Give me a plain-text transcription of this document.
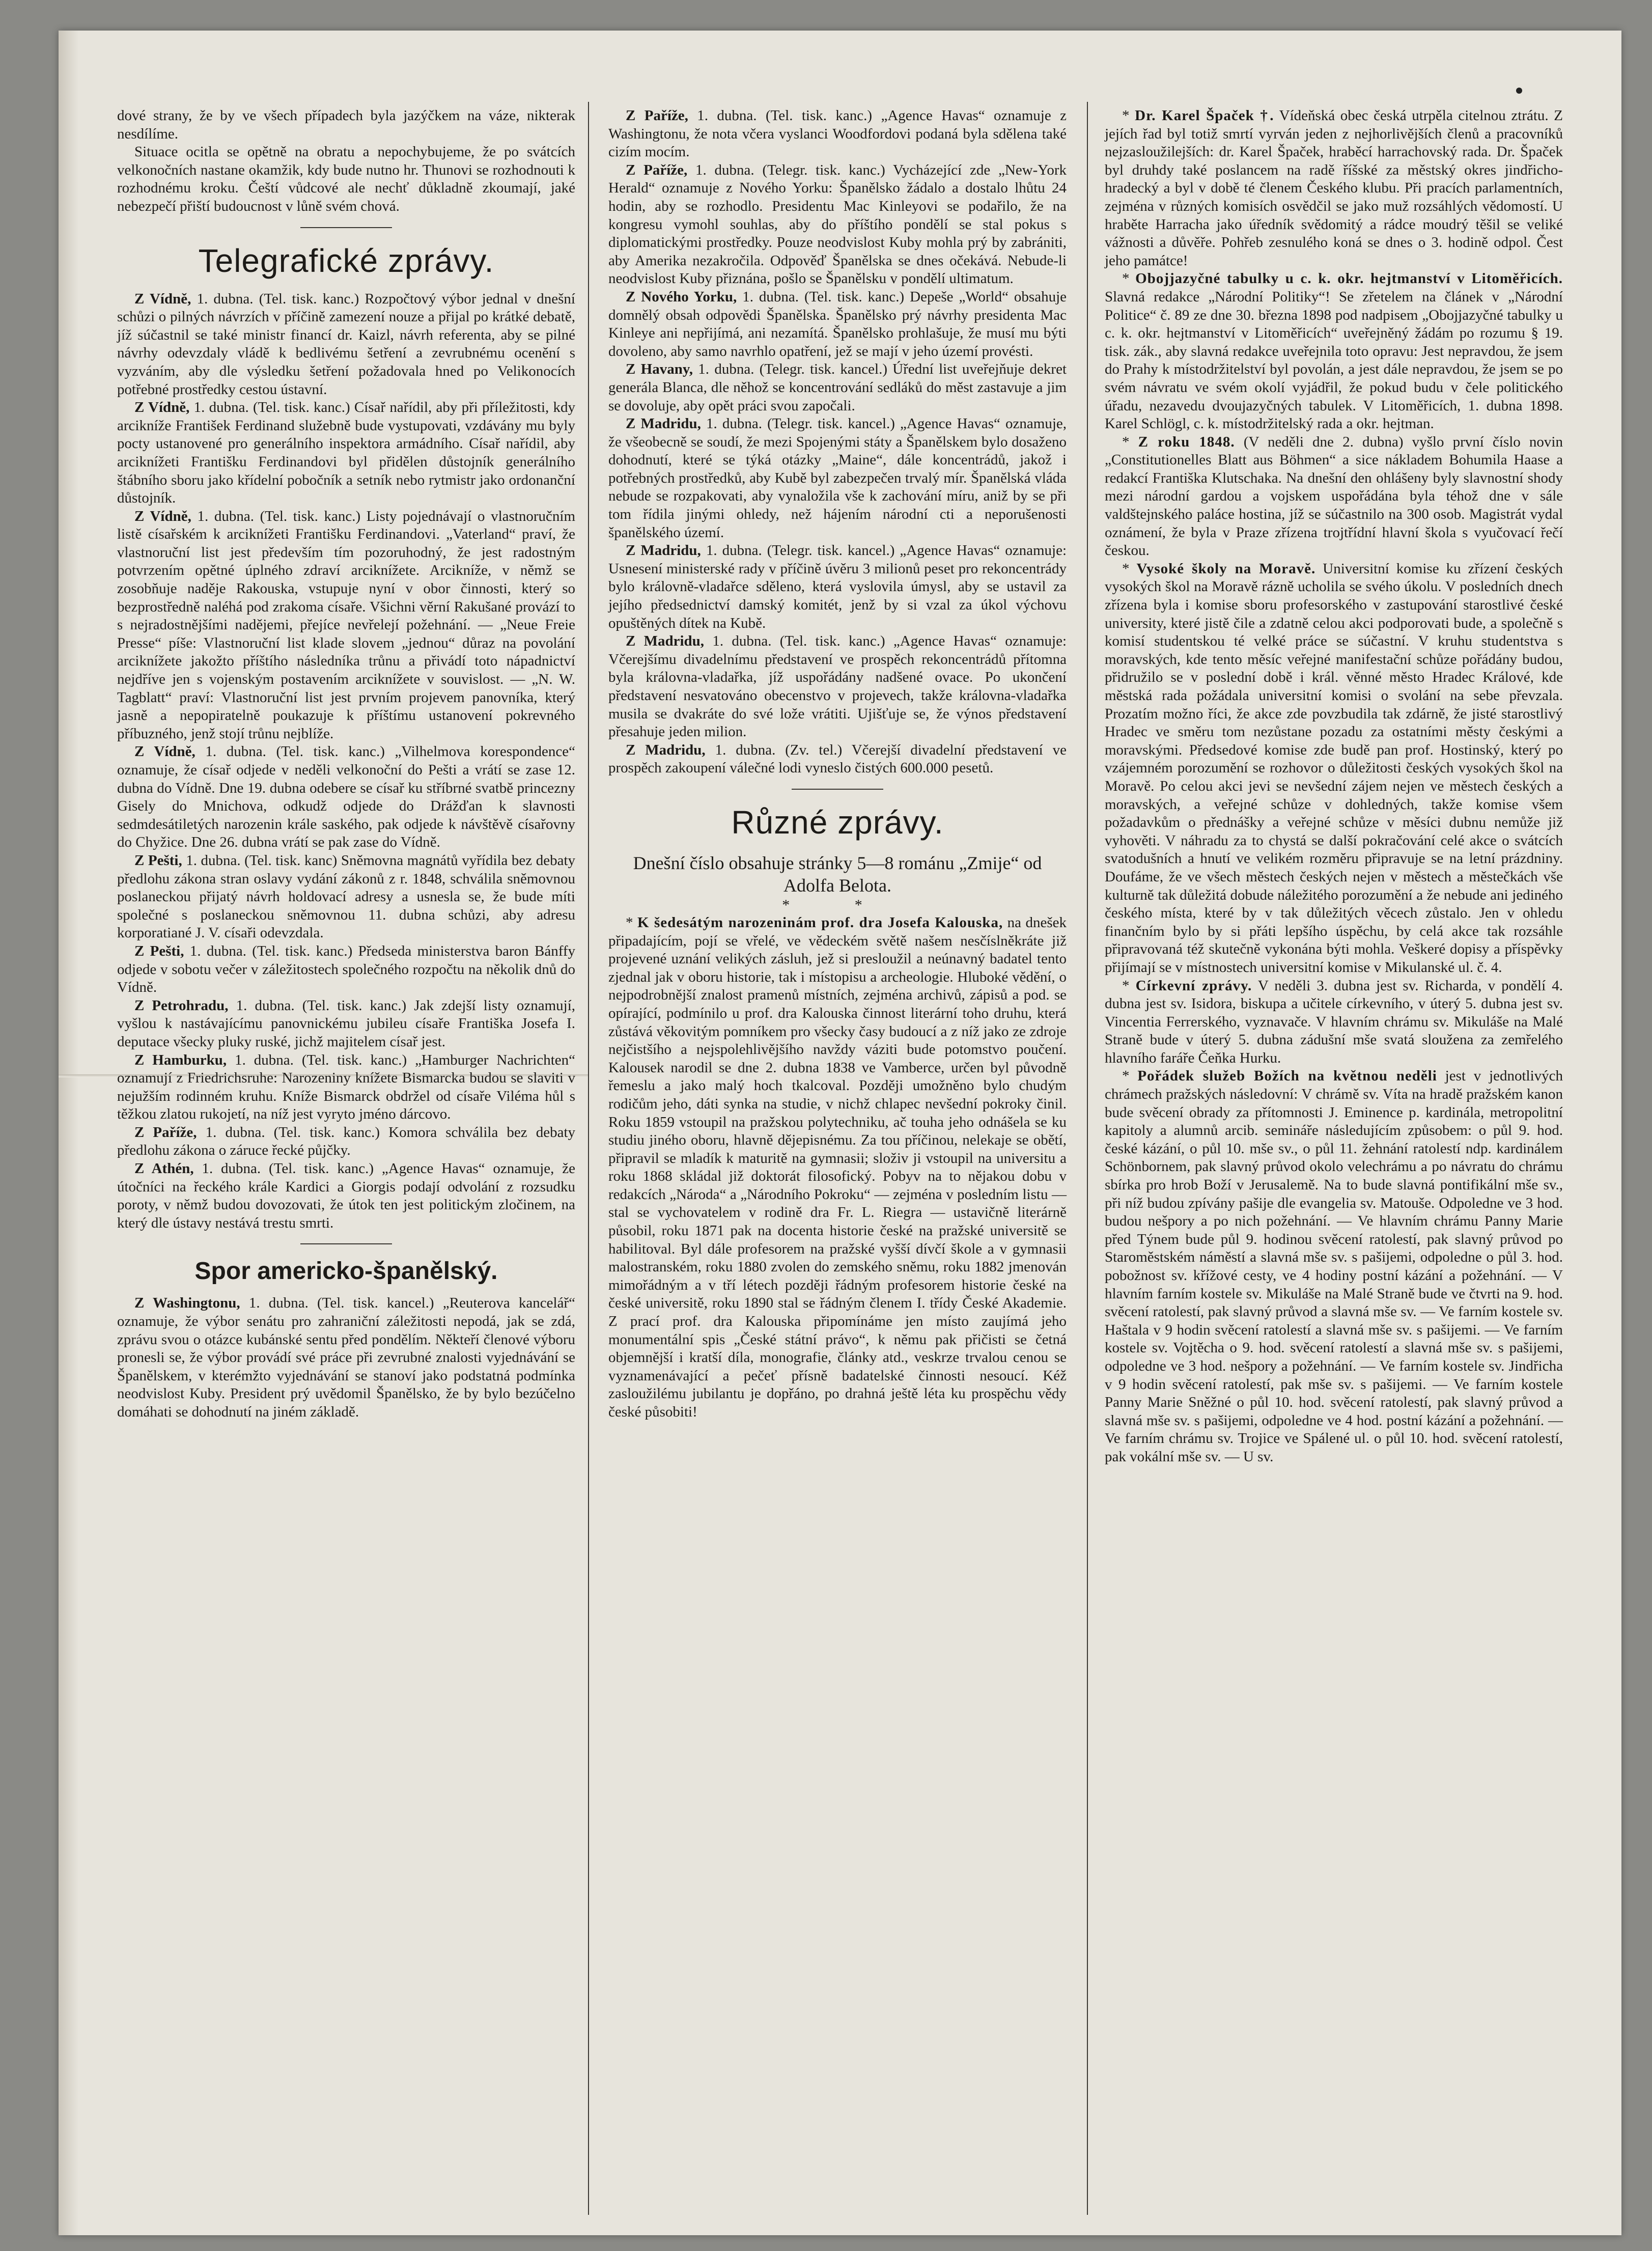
dové strany, že by ve všech případech byla jazýčkem na váze, nikterak nesdílíme.

Situace ocitla se opětně na obratu a nepochybujeme, že po svátcích velkonočních nastane okamžik, kdy bude nutno hr. Thunovi se rozhodnouti k rozhodnému kroku. Čeští vůdcové ale nechť důkladně zkoumají, jaké nebezpečí přiští budoucnost v lůně svém chová.

Telegrafické zprávy.

Z Vídně, 1. dubna. (Tel. tisk. kanc.) Rozpočtový výbor jednal v dnešní schůzi o pilných návrzích v příčině zamezení nouze a přijal po krátké debatě, jíž súčastnil se také ministr financí dr. Kaizl, návrh referenta, aby se pilné návrhy odevzdaly vládě k bedlivému šetření a zevrubnému ocenění s vyzváním, aby dle výsledku šetření požadovala hned po Velikonocích potřebné prostředky cestou ústavní.

Z Vídně, 1. dubna. (Tel. tisk. kanc.) Císař nařídil, aby při příležitosti, kdy arcikníže František Ferdinand služebně bude vystupovati, vzdávány mu byly pocty ustanovené pro generálního inspektora armádního. Císař nařídil, aby arciknížeti Františku Ferdinandovi byl přidělen důstojník generálního štábního sboru jako křídelní pobočník a setník nebo rytmistr jako ordonanční důstojník.

Z Vídně, 1. dubna. (Tel. tisk. kanc.) Listy pojednávají o vlastnoručním listě císařském k arciknížeti Františku Ferdinandovi. „Vaterland“ praví, že vlastnoruční list jest především tím pozoruhodný, že jest radostným potvrzením opětné úplného zdraví arciknížete. Arcikníže, v němž se zosobňuje naděje Rakouska, vstupuje nyní v obor činnosti, který so bezprostředně naléhá pod zrakoma císaře. Všichni věrní Rakušané provází to s nejradostnějšími nadějemi, přejíce nevřelejí požehnání. — „Neue Freie Presse“ píše: Vlastnoruční list klade slovem „jednou“ důraz na povolání arciknížete jakožto příštího následníka trůnu a přivádí toto nápadnictví nejdříve jen s vojenským postavením arciknížete v souvislost. — „N. W. Tagblatt“ praví: Vlastnoruční list jest prvním projevem panovníka, který jasně a nepopiratelně poukazuje k příštímu ustanovení pokrevného příbuzného, jenž stojí trůnu nejblíže.

Z Vídně, 1. dubna. (Tel. tisk. kanc.) „Vilhelmova korespondence“ oznamuje, že císař odjede v neděli velkonoční do Pešti a vrátí se zase 12. dubna do Vídně. Dne 19. dubna odebere se císař ku stříbrné svatbě princezny Gisely do Mnichova, odkudž odjede do Drážďan k slavnosti sedmdesátiletých narozenin krále saského, pak odjede k návštěvě císařovny do Chyžice. Dne 26. dubna vrátí se pak zase do Vídně.

Z Pešti, 1. dubna. (Tel. tisk. kanc) Sněmovna magnátů vyřídila bez debaty předlohu zákona stran oslavy vydání zákonů z r. 1848, schválila sněmovnou poslaneckou přijatý návrh holdovací adresy a usnesla se, že bude míti společné s poslaneckou sněmovnou 11. dubna schůzi, aby adresu korporatiané J. V. císaři odevzdala.

Z Pešti, 1. dubna. (Tel. tisk. kanc.) Předseda ministerstva baron Bánffy odjede v sobotu večer v záležitostech společného rozpočtu na několik dnů do Vídně.

Z Petrohradu, 1. dubna. (Tel. tisk. kanc.) Jak zdejší listy oznamují, vyšlou k nastávajícímu panovnickému jubileu císaře Františka Josefa I. deputace všecky pluky ruské, jichž majitelem císař jest.

Z Hamburku, 1. dubna. (Tel. tisk. kanc.) „Hamburger Nachrichten“ oznamují z Friedrichsruhe: Narozeniny knížete Bismarcka budou se slaviti v nejužším rodinném kruhu. Kníže Bismarck obdržel od císaře Viléma hůl s těžkou zlatou rukojetí, na níž jest vyryto jméno dárcovo.

Z Paříže, 1. dubna. (Tel. tisk. kanc.) Komora schválila bez debaty předlohu zákona o záruce řecké půjčky.

Z Athén, 1. dubna. (Tel. tisk. kanc.) „Agence Havas“ oznamuje, že útočníci na řeckého krále Kardici a Giorgis podají odvolání z rozsudku poroty, v němž budou dovozovati, že útok ten jest politickým zločinem, na který dle ústavy nestává trestu smrti.

Spor americko-španělský.

Z Washingtonu, 1. dubna. (Tel. tisk. kancel.) „Reuterova kancelář“ oznamuje, že výbor senátu pro zahraniční záležitosti nepodá, jak se zdá, zprávu svou o otázce kubánské sentu před pondělím. Někteří členové výboru pronesli se, že výbor provádí své práce při zevrubné znalosti vyjednávání se Španělskem, v kterémžto vyjednávání se stanoví jako podstatná podmínka neodvislost Kuby. President prý uvědomil Španělsko, že by bylo bezúčelno domáhati se dohodnutí na jiném základě.

Z Paříže, 1. dubna. (Tel. tisk. kanc.) „Agence Havas“ oznamuje z Washingtonu, že nota včera vyslanci Woodfordovi podaná byla sdělena také cizím mocím.

Z Paříže, 1. dubna. (Telegr. tisk. kanc.) Vycházející zde „New-York Herald“ oznamuje z Nového Yorku: Španělsko žádalo a dostalo lhůtu 24 hodin, aby se rozhodlo. Presidentu Mac Kinleyovi se podařilo, že na kongresu vymohl souhlas, aby do příštího pondělí se stal pokus s diplomatickými prostředky. Pouze neodvislost Kuby mohla prý by zabrániti, aby Amerika nezakročila. Odpověď Španělska se dnes očekává. Nebude-li neodvislost Kuby přiznána, pošlo se Španělsku v pondělí ultimatum.

Z Nového Yorku, 1. dubna. (Tel. tisk. kanc.) Depeše „World“ obsahuje domnělý obsah odpovědi Španělska. Španělsko prý návrhy presidenta Mac Kinleye ani nepřijímá, ani nezamítá. Španělsko prohlašuje, že musí mu býti dovoleno, aby samo navrhlo opatření, jež se mají v jeho území provésti.

Z Havany, 1. dubna. (Telegr. tisk. kancel.) Úřední list uveřejňuje dekret generála Blanca, dle něhož se koncentrování sedláků do měst zastavuje a jim se dovoluje, aby opět práci svou započali.

Z Madridu, 1. dubna. (Telegr. tisk. kancel.) „Agence Havas“ oznamuje, že všeobecně se soudí, že mezi Spojenými státy a Španělskem bylo dosaženo dohodnutí, které se týká otázky „Maine“, dále koncentrádů, jakož i potřebných prostředků, aby Kubě byl zabezpečen trvalý mír. Španělská vláda nebude se rozpakovati, aby vynaložila vše k zachování míru, aniž by se při tom řídila jinými ohledy, než hájením národní cti a neporušenosti španělského území.

Z Madridu, 1. dubna. (Telegr. tisk. kancel.) „Agence Havas“ oznamuje: Usnesení ministerské rady v příčině úvěru 3 milionů peset pro rekoncentrády bylo královně-vladařce sděleno, která vyslovila úmysl, aby se ustavil za jejího předsednictví damský komitét, jenž by si vzal za úkol výchovu opuštěných dítek na Kubě.

Z Madridu, 1. dubna. (Tel. tisk. kanc.) „Agence Havas“ oznamuje: Včerejšímu divadelnímu představení ve prospěch rekoncentrádů přítomna byla královna-vladařka, jíž uspořádány nadšené ovace. Po ukončení představení nesvatováno obecenstvo v projevech, takže královna-vladařka musila se dvakráte do své lože vrátiti. Ujišťuje se, že výnos představení přesahuje jeden milion.

Z Madridu, 1. dubna. (Zv. tel.) Včerejší divadelní představení ve prospěch zakoupení válečné lodi vyneslo čistých 600.000 pesetů.

Různé zprávy.

Dnešní číslo obsahuje stránky 5—8 románu „Zmije“ od Adolfa Belota.

* *

* K šedesátým narozeninám prof. dra Josefa Kalouska, na dnešek připadajícím, pojí se vřelé, ve vědeckém světě našem nesčíslněkráte již projevené uznání velikých zásluh, jež si presloužil a neúnavný badatel tento zjednal jak v oboru historie, tak i místopisu a archeologie. Hluboké vědění, o nejpodrobnější znalost pramenů místních, zejména archivů, zápisů a pod. se opírající, podmínilo u prof. dra Kalouska činnost literární toho druhu, která zůstává věkovitým pomníkem pro všecky časy budoucí a z níž jako ze zdroje nejčistšího a nejspolehlivějšího navždy váziti bude potomstvo poučení. Kalousek narodil se dne 2. dubna 1838 ve Vamberce, určen byl původně řemeslu a jako malý hoch tkalcoval. Později umožněno bylo chudým rodičům jeho, dáti synka na studie, v nichž chlapec nevšední pokroky činil. Roku 1859 vstoupil na pražskou polytechniku, ač touha jeho odnášela se ku studiu jiného oboru, hlavně dějepisnému. Za tou příčinou, nelekaje se obětí, připravil se mladík k maturitě na gymnasii; složiv ji vstoupil na universitu a roku 1868 skládal již doktorát filosofický. Pobyv na to nějakou dobu v redakcích „Národa“ a „Národního Pokroku“ — zejména v posledním listu — stal se vychovatelem v rodině dra Fr. L. Riegra — ustavičně literárně působil, roku 1871 pak na docenta historie české na pražské universitě se habilitoval. Byl dále profesorem na pražské vyšší dívčí škole a v gymnasii malostranském, roku 1880 zvolen do zemského sněmu, roku 1882 jmenován mimořádným a v tří létech později řádným profesorem historie české na české universitě, roku 1890 stal se řádným členem I. třídy České Akademie. Z prací prof. dra Kalouska připomínáme jen místo zaujímá jeho monumentální spis „České státní právo“, k němu pak přičisti se četná objemnější i kratší díla, monografie, články atd., veskrze trvalou cenou se vyznamenávající a pečeť přísně badatelské činnosti nesoucí. Kéž zasloužilému jubilantu je dopřáno, po drahná ještě léta ku prospěchu vědy české působiti!

* Dr. Karel Špaček †. Vídeňská obec česká utrpěla citelnou ztrátu. Z jejích řad byl totiž smrtí vyrván jeden z nejhorlivějších členů a pracovníků nejzasloužilejších: dr. Karel Špaček, hraběcí harrachovský rada. Dr. Špaček byl druhdy také poslancem na radě říšské za městský okres jindřicho-hradecký a byl v době té členem Českého klubu. Při pracích parlamentních, zejména v různých komisích osvědčil se jako muž rozsáhlých vědomostí. U hraběte Harracha jako úředník svědomitý a rádce moudrý těšil se veliké vážnosti a důvěře. Pohřeb zesnulého koná se dnes o 3. hodině odpol. Čest jeho památce!

* Obojjazyčné tabulky u c. k. okr. hejtmanství v Litoměřicích. Slavná redakce „Národní Politiky“! Se zřetelem na článek v „Národní Politice“ č. 89 ze dne 30. března 1898 pod nadpisem „Obojjazyčné tabulky u c. k. okr. hejtmanství v Litoměřicích“ uveřejněný žádám po rozumu § 19. tisk. zák., aby slavná redakce uveřejnila toto opravu: Jest nepravdou, že jsem do Prahy k místodržitelství byl povolán, a jest dále nepravdou, že jsem se po svém návratu ve svém okolí vyjádřil, že pokud budu v čele politického úřadu, nezavedu dvoujazyčných tabulek. V Litoměřicích, 1. dubna 1898. Karel Schlögl, c. k. místodržitelský rada a okr. hejtman.

* Z roku 1848. (V neděli dne 2. dubna) vyšlo první číslo novin „Constitutionelles Blatt aus Böhmen“ a sice nákladem Bohumila Haase a redakcí Františka Klutschaka. Na dnešní den ohlášeny byly slavnostní shody mezi národní gardou a vojskem uspořádána byla téhož dne v sále valdštejnského paláce hostina, jíž se súčastnilo na 300 osob. Magistrát vydal oznámení, že byla v Praze zřízena trojtřídní hlavní škola s vyučovací řečí českou.

* Vysoké školy na Moravě. Universitní komise ku zřízení českých vysokých škol na Moravě rázně ucholila se svého úkolu. V posledních dnech zřízena byla i komise sboru profesorského v zastupování starostlivé české university, které jistě čile a zdatně celou akci podporovati bude, a společně s komisí studentskou té velké práce se súčastní. V kruhu studentstva s moravských, kde tento měsíc veřejné manifestační schůze pořádány budou, přidružilo se v poslední době i král. věnné město Hradec Králové, kde městská rada požádala universitní komisi o svolání na sebe převzala. Prozatím možno říci, že akce zde povzbudila tak zdárně, že jisté starostlivý Hradec ve směru tom nezůstane pozadu za ostatními městy českými a moravskými. Předsedové komise zde budě pan prof. Hostinský, který po vzájemném porozumění se rozhovor o důležitosti českých vysokých škol na Moravě. Po celou akci jevi se nevšední zájem nejen ve městech českých a moravských, a veřejné schůze v dohledných, takže komise všem požadavkům o přednášky a veřejné schůze v měsíci dubnu nemůže již vyhověti. V náhradu za to chystá se další pokračování celé akce o svátcích svatodušních a hnutí ve velikém rozměru připravuje se na letní prázdniny. Doufáme, že ve všech městech českých nejen v městech a městečkách vše kulturně tak důležitá dobude náležitého porozumění a že nebude ani jediného českého místa, které by v tak důležitých věcech zůstalo. Jen v ohledu finančním bylo by si přáti lepšího úspěchu, by celá akce tak rozsáhle připravovaná též skutečně vykonána býti mohla. Veškeré dopisy a příspěvky přijímají se v místnostech universitní komise v Mikulanské ul. č. 4.

* Církevní zprávy. V neděli 3. dubna jest sv. Richarda, v pondělí 4. dubna jest sv. Isidora, biskupa a učitele církevního, v úterý 5. dubna jest sv. Vincentia Ferrerského, vyznavače. V hlavním chrámu sv. Mikuláše na Malé Straně bude v úterý 5. dubna zádušní mše svatá sloužena za zemřelého hlavního faráře Čeňka Hurku.

* Pořádek služeb Božích na květnou neděli jest v jednotlivých chrámech pražských následovní: V chrámě sv. Víta na hradě pražském kanon bude svěcení obrady za přítomnosti J. Eminence p. kardinála, metropolitní kapitoly a alumnů arcib. semináře následujícím způsobem: o půl 9. hod. české kázání, o půl 10. mše sv., o půl 11. žehnání ratolestí ndp. kardinálem Schönbornem, pak slavný průvod okolo velechrámu a po návratu do chrámu sbírka pro hrob Boží v Jerusalemě. Na to bude slavná pontifikální mše sv., při níž budou zpívány pašije dle evangelia sv. Matouše. Odpoledne ve 3 hod. budou nešpory a po nich požehnání. — Ve hlavním chrámu Panny Marie před Týnem bude půl 9. hodinou svěcení ratolestí, pak slavný průvod po Staroměstském náměstí a slavná mše sv. s pašijemi, odpoledne o půl 3. hod. pobožnost sv. křížové cesty, ve 4 hodiny postní kázání a požehnání. — V hlavním farním kostele sv. Mikuláše na Malé Straně bude ve čtvrti na 9. hod. svěcení ratolestí, pak slavný průvod a slavná mše sv. — Ve farním kostele sv. Haštala v 9 hodin svěcení ratolestí a slavná mše sv. s pašijemi. — Ve farním kostele sv. Vojtěcha o 9. hod. svěcení ratolestí a slavná mše sv. s pašijemi, odpoledne ve 3 hod. nešpory a požehnání. — Ve farním kostele sv. Jindřicha v 9 hodin svěcení ratolestí, pak mše sv. s pašijemi. — Ve farním kostele Panny Marie Sněžné o půl 10. hod. svěcení ratolestí, pak slavný průvod a slavná mše sv. s pašijemi, odpoledne ve 4 hod. postní kázání a požehnání. — Ve farním chrámu sv. Trojice ve Spálené ul. o půl 10. hod. svěcení ratolestí, pak vokální mše sv. — U sv.
